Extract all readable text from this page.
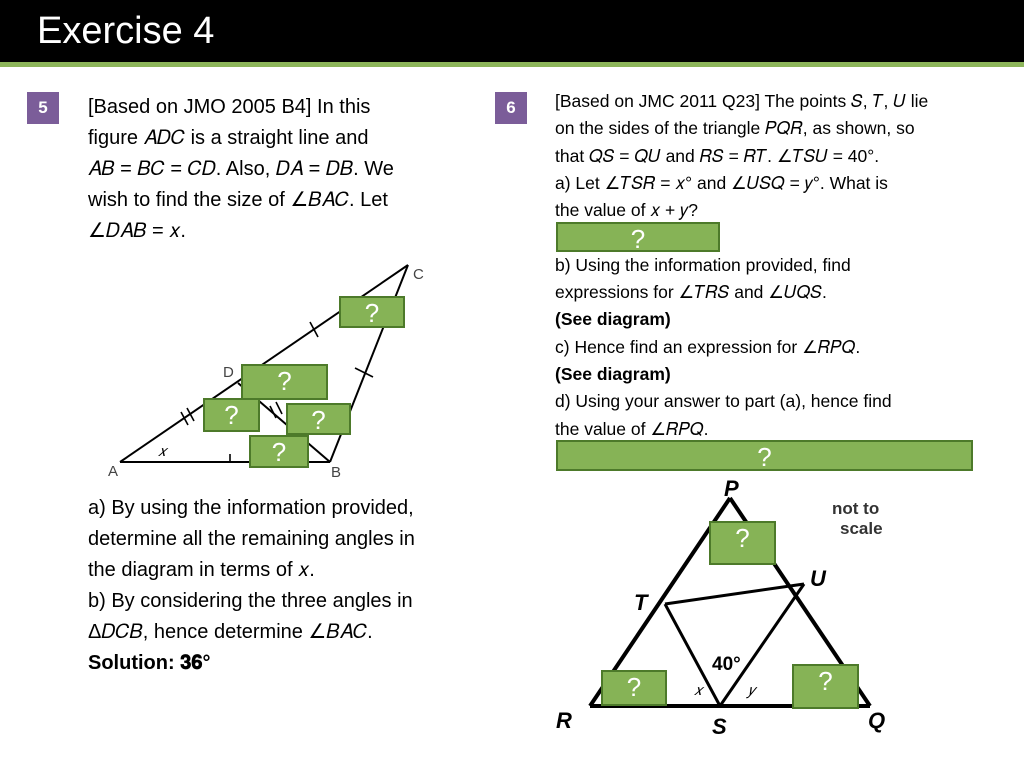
Exercise 4
5	[Based on JMO 2005 B4] In this
figure 𝐴𝐷𝐶 is a straight line and
𝐴𝐵 = 𝐵𝐶 = 𝐶𝐷. Also, 𝐷𝐴 = 𝐷𝐵. We
wish to find the size of ∠𝐵𝐴𝐶. Let
∠𝐷𝐴𝐵 = 𝑥.
A	B
C
D
𝑥
?
?
?	?
?
a) By using the information provided,
determine all the remaining angles in
the diagram in terms of 𝑥.
b) By considering the three angles in
Δ𝐷𝐶𝐵, hence determine ∠𝐵𝐴𝐶.
Solution: 𝟑𝟔°
6	[Based on JMC 2011 Q23] The points 𝑆, 𝑇, 𝑈 lie
on the sides of the triangle 𝑃𝑄𝑅, as shown, so
that 𝑄𝑆 = 𝑄𝑈 and 𝑅𝑆 = 𝑅𝑇. ∠𝑇𝑆𝑈 = 40°.
a) Let ∠𝑇𝑆𝑅 = 𝑥° and ∠𝑈𝑆𝑄 = 𝑦°. What is
the value of 𝑥 + 𝑦?
b) Using the information provided, find
expressions for ∠𝑇𝑅𝑆 and ∠𝑈𝑄𝑆.
(See diagram)
c) Hence find an expression for ∠𝑅𝑃𝑄.
(See diagram)
d) Using your answer to part (a), hence find
the value of ∠𝑅𝑃𝑄.
?
?
P
Q
R	S
T
U
40°
𝑥	𝑦
not to
scale
?
?	?
